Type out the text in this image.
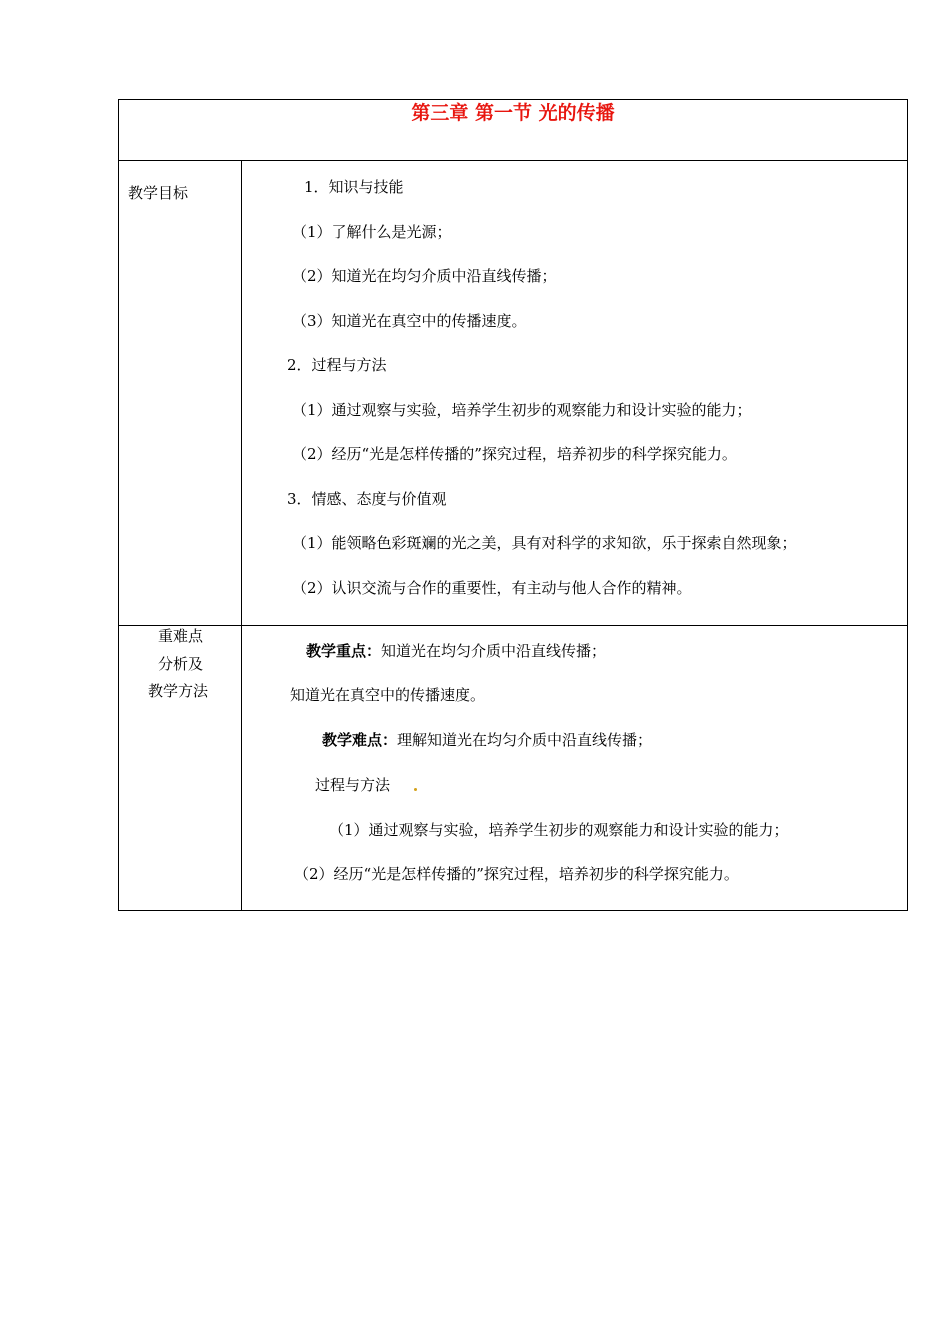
第三章 第一节 光的传播
教学目标	1．知识与技能
（1）了解什么是光源；
（2）知道光在均匀介质中沿直线传播；
（3）知道光在真空中的传播速度。
2．过程与方法
（1）通过观察与实验，培养学生初步的观察能力和设计实验的能力；
（2）经历“光是怎样传播的”探究过程，培养初步的科学探究能力。
3．情感、态度与价值观
（1）能领略色彩斑斓的光之美，具有对科学的求知欲，乐于探索自然现象；
（2）认识交流与合作的重要性，有主动与他人合作的精神。
重难点
分析及
教学方法
教学重点：知道光在均匀介质中沿直线传播；
知道光在真空中的传播速度。
教学难点：理解知道光在均匀介质中沿直线传播；
过程与方法
（1）通过观察与实验，培养学生初步的观察能力和设计实验的能力；
（2）经历“光是怎样传播的”探究过程，培养初步的科学探究能力。
